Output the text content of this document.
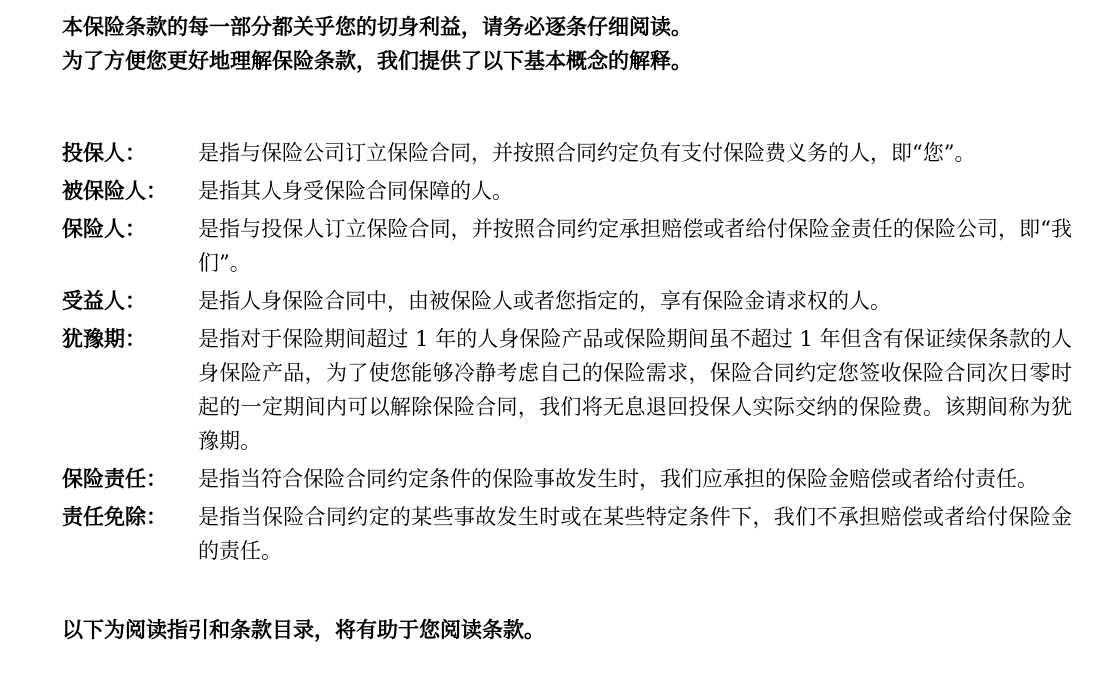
本保险条款的每一部分都关乎您的切身利益，请务必逐条仔细阅读。

为了方便您更好地理解保险条款，我们提供了以下基本概念的解释。

投保人：	是指与保险公司订立保险合同，并按照合同约定负有支付保险费义务的人，即“您”。
被保险人：	是指其人身受保险合同保障的人。
保险人：	是指与投保人订立保险合同，并按照合同约定承担赔偿或者给付保险金责任的保险公司，即“我们”。
受益人：	是指人身保险合同中，由被保险人或者您指定的，享有保险金请求权的人。
犹豫期：	是指对于保险期间超过 1 年的人身保险产品或保险期间虽不超过 1 年但含有保证续保条款的人身保险产品，为了使您能够冷静考虑自己的保险需求，保险合同约定您签收保险合同次日零时起的一定期间内可以解除保险合同，我们将无息退回投保人实际交纳的保险费。该期间称为犹豫期。
保险责任：	是指当符合保险合同约定条件的保险事故发生时，我们应承担的保险金赔偿或者给付责任。
责任免除：	是指当保险合同约定的某些事故发生时或在某些特定条件下，我们不承担赔偿或者给付保险金的责任。

以下为阅读指引和条款目录，将有助于您阅读条款。
